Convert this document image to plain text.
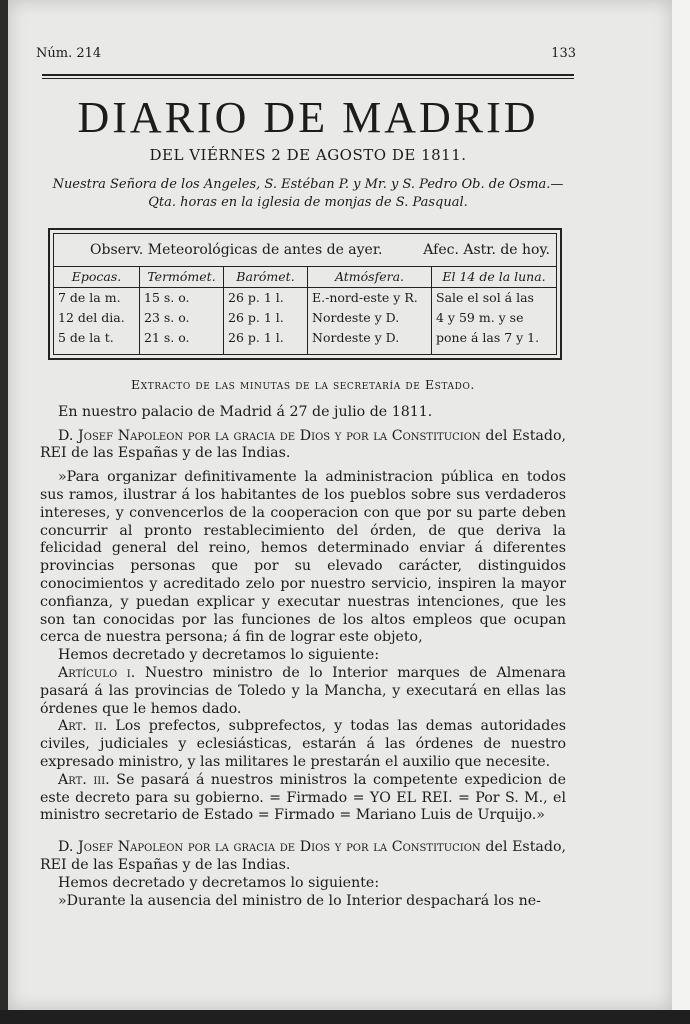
Núm. 214	133
DIARIO DE MADRID
DEL VIÉRNES 2 DE AGOSTO DE 1811.
Nuestra Señora de los Angeles, S. Estéban P. y Mr. y S. Pedro Ob. de Osma.—Qta. horas en la iglesia de monjas de S. Pasqual.
Observ. Meteorológicas de antes de ayer.	Afec. Astr. de hoy.
Epocas.
7 de la m.
12 del dia.
5 de la t.
Termómet.
15 s. o.
23 s. o.
21 s. o.
Barómet.
26 p. 1 l.
26 p. 1 l.
26 p. 1 l.
Atmósfera.
E.-nord-este y R.
Nordeste y D.
Nordeste y D.
El 14 de la luna.
Sale el sol á las
4 y 59 m. y se
pone á las 7 y 1.

Extracto de las minutas de la secretaría de Estado.

En nuestro palacio de Madrid á 27 de julio de 1811.

D. Josef Napoleon por la gracia de Dios y por la Constitucion del Estado, REI de las Españas y de las Indias.

»Para organizar definitivamente la administracion pública en todos sus ramos, ilustrar á los habitantes de los pueblos sobre sus verdaderos intereses, y convencerlos de la cooperacion con que por su parte deben concurrir al pronto restablecimiento del órden, de que deriva la felicidad general del reino, hemos determinado enviar á diferentes provincias personas que por su elevado carácter, distinguidos conocimientos y acreditado zelo por nuestro servicio, inspiren la mayor confianza, y puedan explicar y executar nuestras intenciones, que les son tan conocidas por las funciones de los altos empleos que ocupan cerca de nuestra persona; á fin de lograr este objeto,

Hemos decretado y decretamos lo siguiente:

Artículo i. Nuestro ministro de lo Interior marques de Almenara pasará á las provincias de Toledo y la Mancha, y executará en ellas las órdenes que le hemos dado.

Art. ii. Los prefectos, subprefectos, y todas las demas autoridades civiles, judiciales y eclesiásticas, estarán á las órdenes de nuestro expresado ministro, y las militares le prestarán el auxilio que necesite.

Art. iii. Se pasará á nuestros ministros la competente expedicion de este decreto para su gobierno. = Firmado = YO EL REI. = Por S. M., el ministro secretario de Estado = Firmado = Mariano Luis de Urquijo.»

D. Josef Napoleon por la gracia de Dios y por la Constitucion del Estado, REI de las Españas y de las Indias.

Hemos decretado y decretamos lo siguiente:

»Durante la ausencia del ministro de lo Interior despachará los ne-
